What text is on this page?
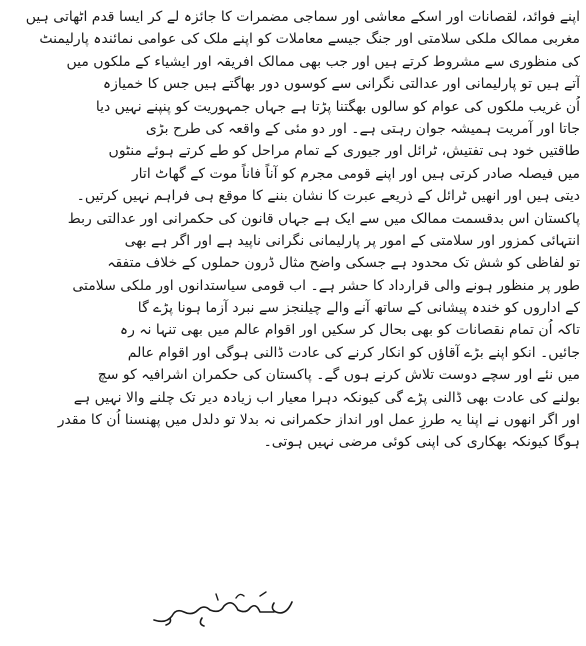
اپنے فوائد، لقصانات اور اسکے معاشی اور سماجی مضمرات کا جائزہ لے کر ایسا قدم اٹھاتی ہیں
مغربی ممالک ملکی سلامتی اور جنگ جیسے معاملات کو اپنے ملک کی عوامی نمائندہ پارلیمنٹ
کی منظوری سے مشروط کرتے ہیں اور جب بھی ممالک افریقہ اور ایشیاء کے ملکوں میں
آتے ہیں تو پارلیمانی اور عدالتی نگرانی سے کوسوں دور بھاگتے ہیں جس کا خمیازہ
اُن غریب ملکوں کی عوام کو سالوں بھگتنا پڑتا ہے جہاں جمہوریت کو پنپنے نہیں دیا
جاتا اور آمریت ہمیشہ جوان رہتی ہے۔ اور دو مئی کے واقعہ کی طرح بڑی
طاقتیں خود ہی تفتیش، ٹرائل اور جیوری کے تمام مراحل کو طے کرتے ہوئے منٹوں
میں فیصلہ صادر کرتی ہیں اور اپنے قومی مجرم کو آناً فاناً موت کے گھاٹ اتار
دیتی ہیں اور انھیں ٹرائل کے ذریعے عبرت کا نشان بننے کا موقع ہی فراہم نہیں کرتیں۔
پاکستان اس بدقسمت ممالک میں سے ایک ہے جہاں قانون کی حکمرانی اور عدالتی ربط
انتہائی کمزور اور سلامتی کے امور پر پارلیمانی نگرانی ناپید ہے اور اگر ہے بھی
تو لفاظی کو شش تک محدود ہے جسکی واضح مثال ڈرون حملوں کے خلاف متفقہ
طور پر منظور ہونے والی قرارداد کا حشر ہے۔ اب قومی سیاستدانوں اور ملکی سلامتی
کے اداروں کو خندہ پیشانی کے ساتھ آنے والے چیلنجز سے نبرد آزما ہونا پڑے گا
تاکہ اُن تمام نقصانات کو بھی بحال کر سکیں اور اقوام عالم میں بھی تنہا نہ رہ
جائیں۔ انکو اپنے بڑے آقاؤں کو انکار کرنے کی عادت ڈالنی ہوگی اور اقوام عالم
میں نئے اور سچے دوست تلاش کرنے ہوں گے۔ پاکستان کی حکمران اشرافیہ کو سچ
بولنے کی عادت بھی ڈالنی پڑے گی کیونکہ دہرا معیار اب زیادہ دیر تک چلنے والا نہیں ہے
اور اگر انھوں نے اپنا یہ طرزِ عمل اور انداز حکمرانی نہ بدلا تو دلدل میں پھنسنا اُن کا مقدر
ہوگا کیونکہ بھکاری کی اپنی کوئی مرضی نہیں ہوتی۔
